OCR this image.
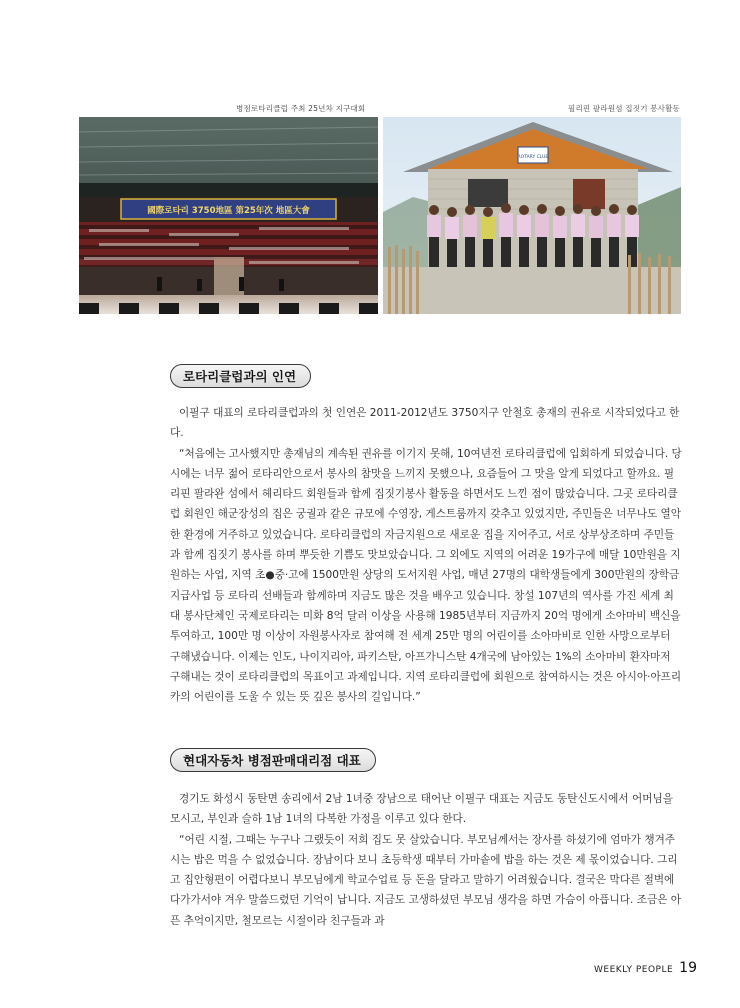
병점로타리클럽 주최 25년차 지구대회	필리핀 팔라원섬 집짓기 봉사활동
國際로타리 3750地區 第25年次 地區大會
ROTARY CLUB
로타리클럽과의 인연

이필구 대표의 로타리클럽과의 첫 인연은 2011-2012년도 3750지구 안철호 총재의 권유로 시작되었다고 한다.

“처음에는 고사했지만 총재님의 계속된 권유를 이기지 못해, 10여년전 로타리클럽에 입회하게 되었습니다. 당시에는 너무 젊어 로타리안으로서 봉사의 참맛을 느끼지 못했으나, 요즘들어 그 맛을 알게 되었다고 할까요. 필리핀 팔라완 섬에서 헤리타드 회원들과 함께 집짓기봉사 활동을 하면서도 느낀 점이 많았습니다. 그곳 로타리클럽 회원인 해군장성의 집은 궁궐과 같은 규모에 수영장, 게스트룸까지 갖추고 있었지만, 주민들은 너무나도 열악한 환경에 거주하고 있었습니다. 로타리클럽의 자금지원으로 새로운 집을 지어주고, 서로 상부상조하며 주민들과 함께 집짓기 봉사를 하며 뿌듯한 기쁨도 맛보았습니다. 그 외에도 지역의 어려운 19가구에 매달 10만원을 지원하는 사업, 지역 초●중·고에 1500만원 상당의 도서지원 사업, 매년 27명의 대학생들에게 300만원의 장학금 지급사업 등 로타리 선배들과 함께하며 지금도 많은 것을 배우고 있습니다. 창설 107년의 역사를 가진 세계 최대 봉사단체인 국제로타리는 미화 8억 달러 이상을 사용해 1985년부터 지금까지 20억 명에게 소아마비 백신을 투여하고, 100만 명 이상이 자원봉사자로 참여해 전 세계 25만 명의 어린이를 소아마비로 인한 사망으로부터 구해냈습니다. 이제는 인도, 나이지리아, 파키스탄, 아프가니스탄 4개국에 남아있는 1%의 소아마비 환자마저 구해내는 것이 로타리클럽의 목표이고 과제입니다. 지역 로타리클럽에 회원으로 참여하시는 것은 아시아·아프리카의 어린이를 도울 수 있는 뜻 깊은 봉사의 길입니다.”

현대자동차 병점판매대리점 대표

경기도 화성시 동탄면 송리에서 2남 1녀중 장남으로 태어난 이필구 대표는 지금도 동탄신도시에서 어머님을 모시고, 부인과 슬하 1남 1녀의 다복한 가정을 이루고 있다 한다.

“어린 시절, 그때는 누구나 그랬듯이 저희 집도 못 살았습니다. 부모님께서는 장사를 하셨기에 엄마가 챙겨주시는 밥은 먹을 수 없었습니다. 장남이다 보니 초등학생 때부터 가마솥에 밥을 하는 것은 제 몫이었습니다. 그리고 집안형편이 어렵다보니 부모님에게 학교수업료 등 돈을 달라고 말하기 어려웠습니다. 결국은 막다른 절벽에 다가가서야 겨우 말씀드렸던 기억이 납니다. 지금도 고생하셨던 부모님 생각을 하면 가슴이 아픕니다. 조금은 아픈 추억이지만, 철모르는 시절이라 친구들과 과

WEEKLY PEOPLE 19
